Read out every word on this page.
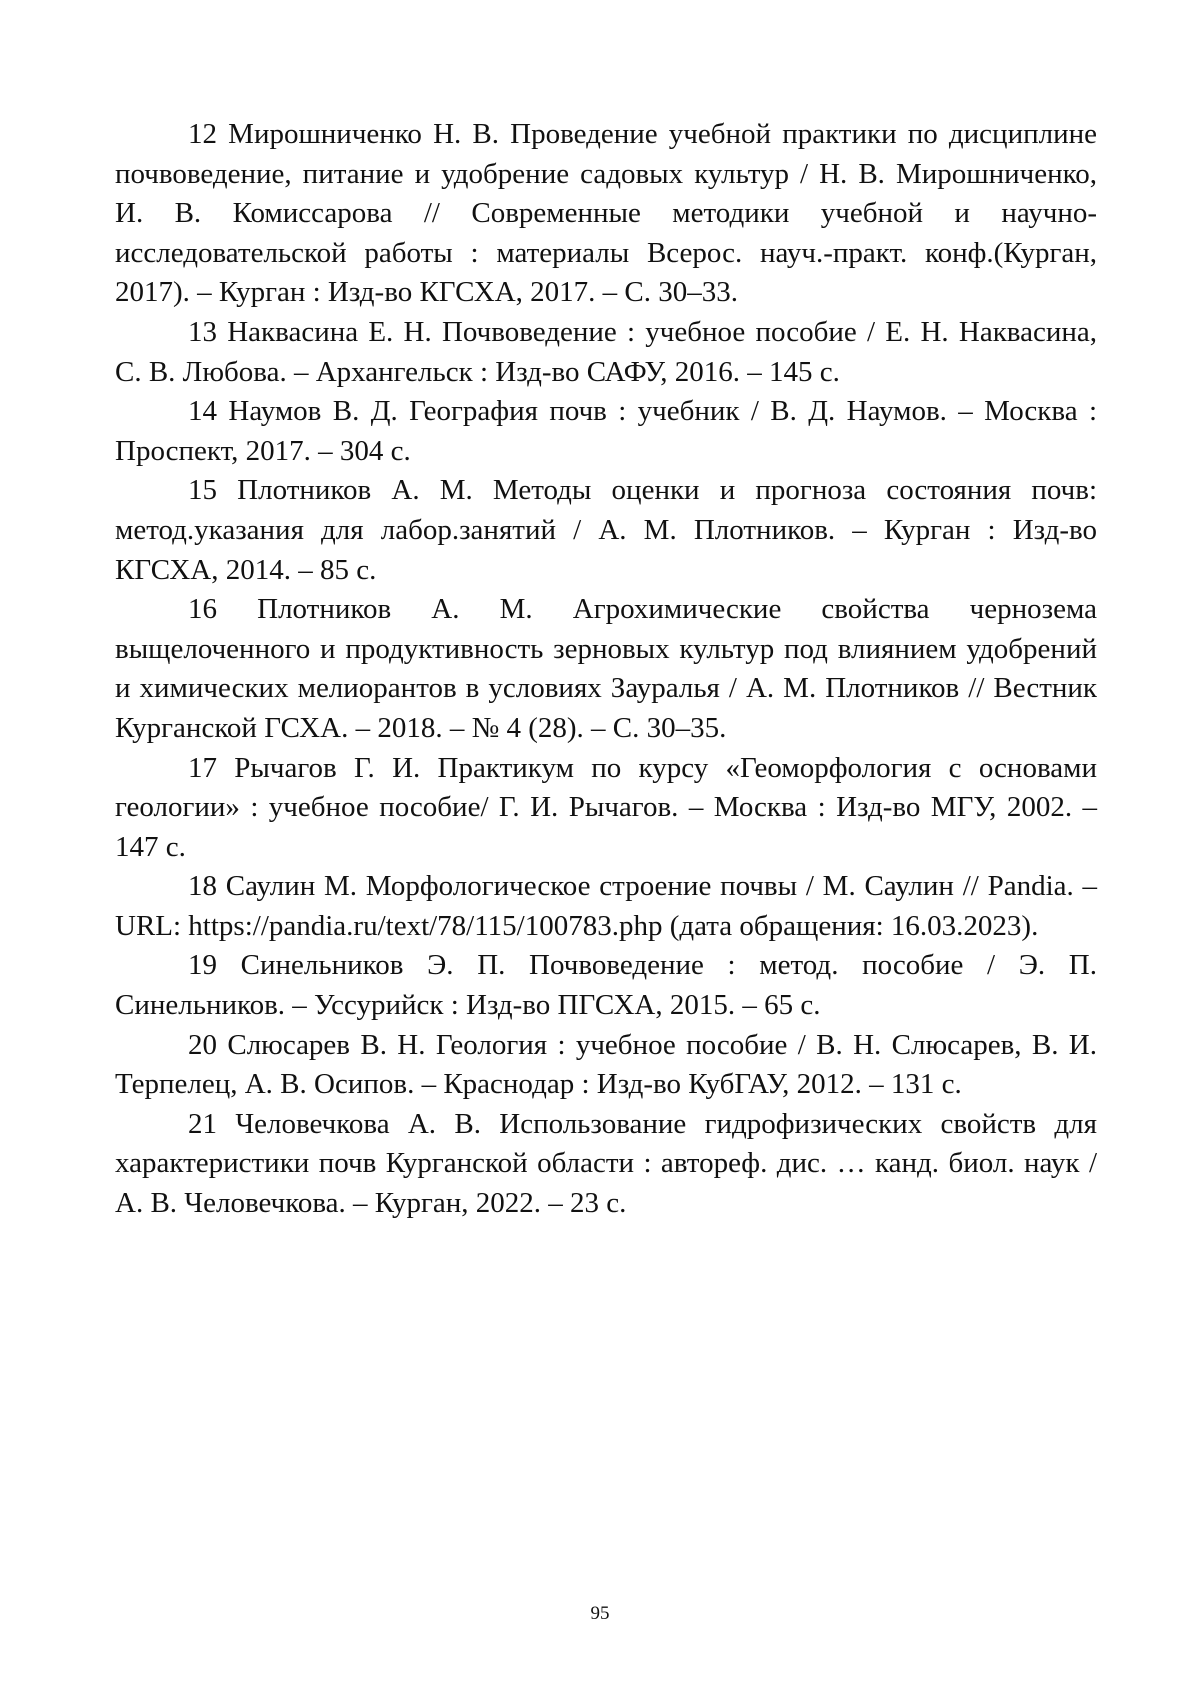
12 Мирошниченко Н. В. Проведение учебной практики по дисциплине почвоведение, питание и удобрение садовых культур / Н. В. Мирошниченко, И. В. Комиссарова // Современные методики учебной и научно-исследовательской работы : материалы Всерос. науч.-практ. конф.(Курган, 2017). – Курган : Изд-во КГСХА, 2017. – С. 30–33.

13 Наквасина Е. Н. Почвоведение : учебное пособие / Е. Н. Наквасина, С. В. Любова. – Архангельск : Изд-во САФУ, 2016. – 145 с.

14 Наумов В. Д. География почв : учебник / В. Д. Наумов. – Москва : Проспект, 2017. – 304 с.

15 Плотников А. М. Методы оценки и прогноза состояния почв: метод.указания для лабор.занятий / А. М. Плотников. – Курган : Изд-во КГСХА, 2014. – 85 с.

16 Плотников А. М. Агрохимические свойства чернозема выщелоченного и продуктивность зерновых культур под влиянием удобрений и химических мелиорантов в условиях Зауралья / А. М. Плотников // Вестник Курганской ГСХА. – 2018. – № 4 (28). – С. 30–35.

17 Рычагов Г. И. Практикум по курсу «Геоморфология с основами геологии» : учебное пособие/ Г. И. Рычагов. – Москва : Изд-во МГУ, 2002. – 147 с.

18 Саулин М. Морфологическое строение почвы / М. Саулин // Pandia. – URL: https://pandia.ru/text/78/115/100783.php (дата обращения: 16.03.2023).

19 Синельников Э. П. Почвоведение : метод. пособие / Э. П. Синельников. – Уссурийск : Изд-во ПГСХА, 2015. – 65 с.

20 Слюсарев В. Н. Геология : учебное пособие / В. Н. Слюсарев, В. И. Терпелец, А. В. Осипов. – Краснодар : Изд-во КубГАУ, 2012. – 131 с.

21 Человечкова А. В. Использование гидрофизических свойств для характеристики почв Курганской области : автореф. дис. … канд. биол. наук / А. В. Человечкова. – Курган, 2022. – 23 с.

95
